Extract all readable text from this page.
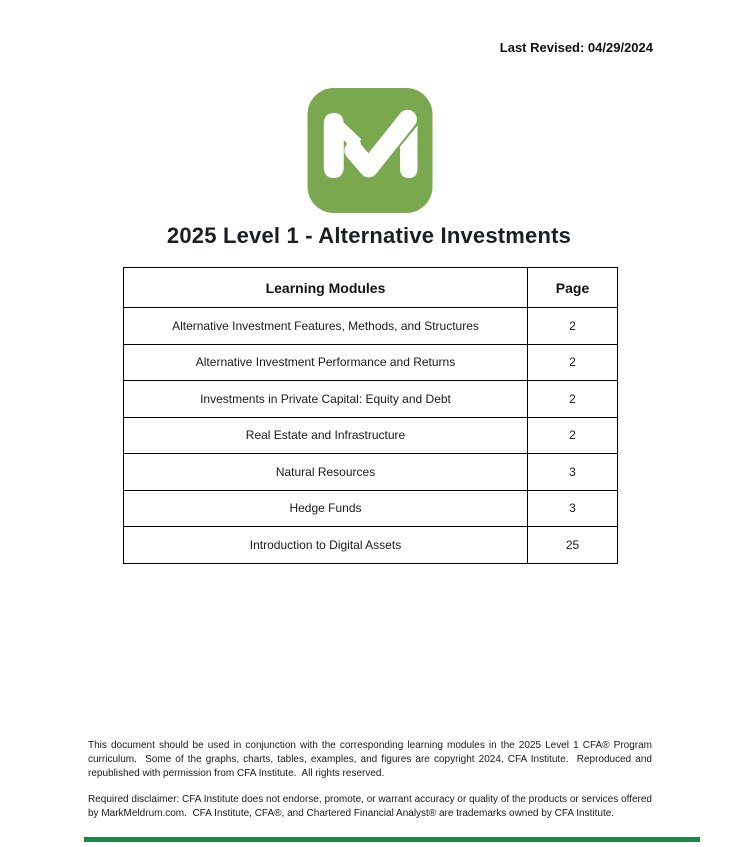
Last Revised: 04/29/2024
2025 Level 1 - Alternative Investments
Learning Modules	Page
Alternative Investment Features, Methods, and Structures	2
Alternative Investment Performance and Returns	2
Investments in Private Capital: Equity and Debt	2
Real Estate and Infrastructure	2
Natural Resources	3
Hedge Funds	3
Introduction to Digital Assets	25

This document should be used in conjunction with the corresponding learning modules in the 2025 Level 1 CFA® Program curriculum.  Some of the graphs, charts, tables, examples, and figures are copyright 2024, CFA Institute.  Reproduced and republished with permission from CFA Institute.  All rights reserved.

Required disclaimer: CFA Institute does not endorse, promote, or warrant accuracy or quality of the products or services offered by MarkMeldrum.com.  CFA Institute, CFA®, and Chartered Financial Analyst® are trademarks owned by CFA Institute.
